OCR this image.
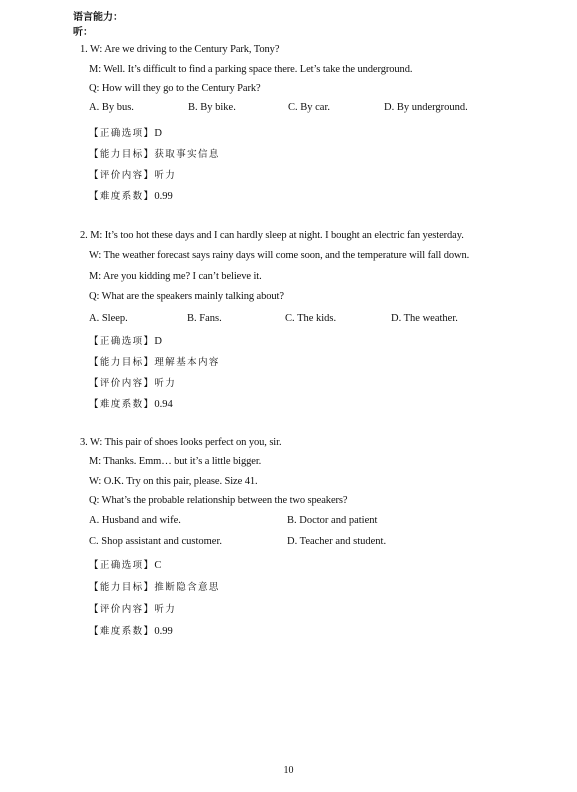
语言能力：
听：
1. W: Are we driving to the Century Park, Tony?
M: Well. It’s difficult to find a parking space there. Let’s take the underground.
Q: How will they go to the Century Park?
A. By bus.	B. By bike.	C. By car.	D. By underground.
【正确选项】D
【能力目标】获取事实信息
【评价内容】听力
【难度系数】0.99
2. M: It’s too hot these days and I can hardly sleep at night. I bought an electric fan yesterday.
W: The weather forecast says rainy days will come soon, and the temperature will fall down.
M: Are you kidding me? I can’t believe it.
Q: What are the speakers mainly talking about?
A. Sleep.	B. Fans.	C. The kids.	D. The weather.
【正确选项】D
【能力目标】理解基本内容
【评价内容】听力
【难度系数】0.94
3. W: This pair of shoes looks perfect on you, sir.
M: Thanks. Emm… but it’s a little bigger.
W: O.K. Try on this pair, please. Size 41.
Q: What’s the probable relationship between the two speakers?
A. Husband and wife.	B. Doctor and patient
C. Shop assistant and customer.	D. Teacher and student.
【正确选项】C
【能力目标】推断隐含意思
【评价内容】听力
【难度系数】0.99
10
